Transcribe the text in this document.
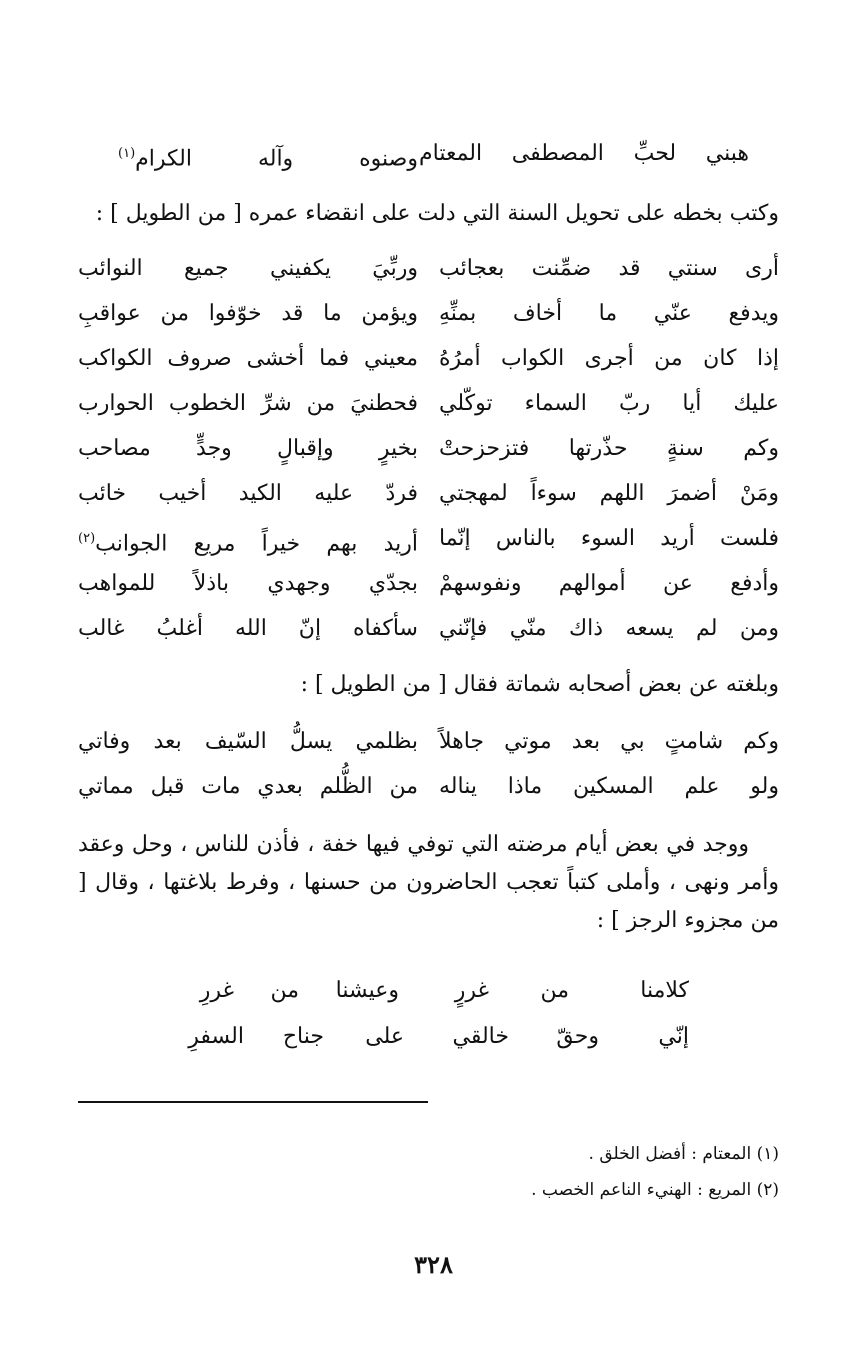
هبني لحبِّ المصطفى المعتام
وصنوه وآله الكرام$^{(١)}$
وكتب بخطه على تحويل السنة التي دلت على انقضاء عمره [ من الطويل ] :
أرى سنتي قد ضمِّنت بعجائب
وربِّيَ يكفيني جميع النوائب
ويدفع عنّي ما أخاف بمنِّهِ
ويؤمن ما قد خوّفوا من عواقبِ
إذا كان من أجرى الكواب أمرُهُ
معيني فما أخشى صروف الكواكب
عليك أيا ربّ السماء توكّلي
فحطنيَ من شرِّ الخطوب الحوارب
وكم سنةٍ حذّرتها فتزحزحتْ
بخيرٍ وإقبالٍ وجدٍّ مصاحب
ومَنْ أضمرَ اللهم سوءاً لمهجتي
فردّ عليه الكيد أخيب خائب
فلست أريد السوء بالناس إنّما
أريد بهم خيراً مريع الجوانب$^{(٢)}$
وأدفع عن أموالهم ونفوسهمْ
بجدّي وجهدي باذلاً للمواهب
ومن لم يسعه ذاك منّي فإنّني
سأكفاه إنّ الله أغلبُ غالب
وبلغته عن بعض أصحابه شماتة فقال [ من الطويل ] :
وكم شامتٍ بي بعد موتي جاهلاً
بظلمي يسلُّ السّيف بعد وفاتي
ولو علم المسكين ماذا يناله
من الظُّلم بعدي مات قبل مماتي
ووجد في بعض أيام مرضته التي توفي فيها خفة ، فأذن للناس ، وحل وعقد وأمر ونهى ، وأملى كتباً تعجب الحاضرون من حسنها ، وفرط بلاغتها ، وقال [ من مجزوء الرجز ] :
كلامنا
من
غررٍ
وعيشنا
من
غررِ
إنّي
وحقّ
خالقي
على
جناح
السفرِ
(١) المعتام : أفضل الخلق .
(٢) المريع : الهنيء الناعم الخصب .
٣٢٨
